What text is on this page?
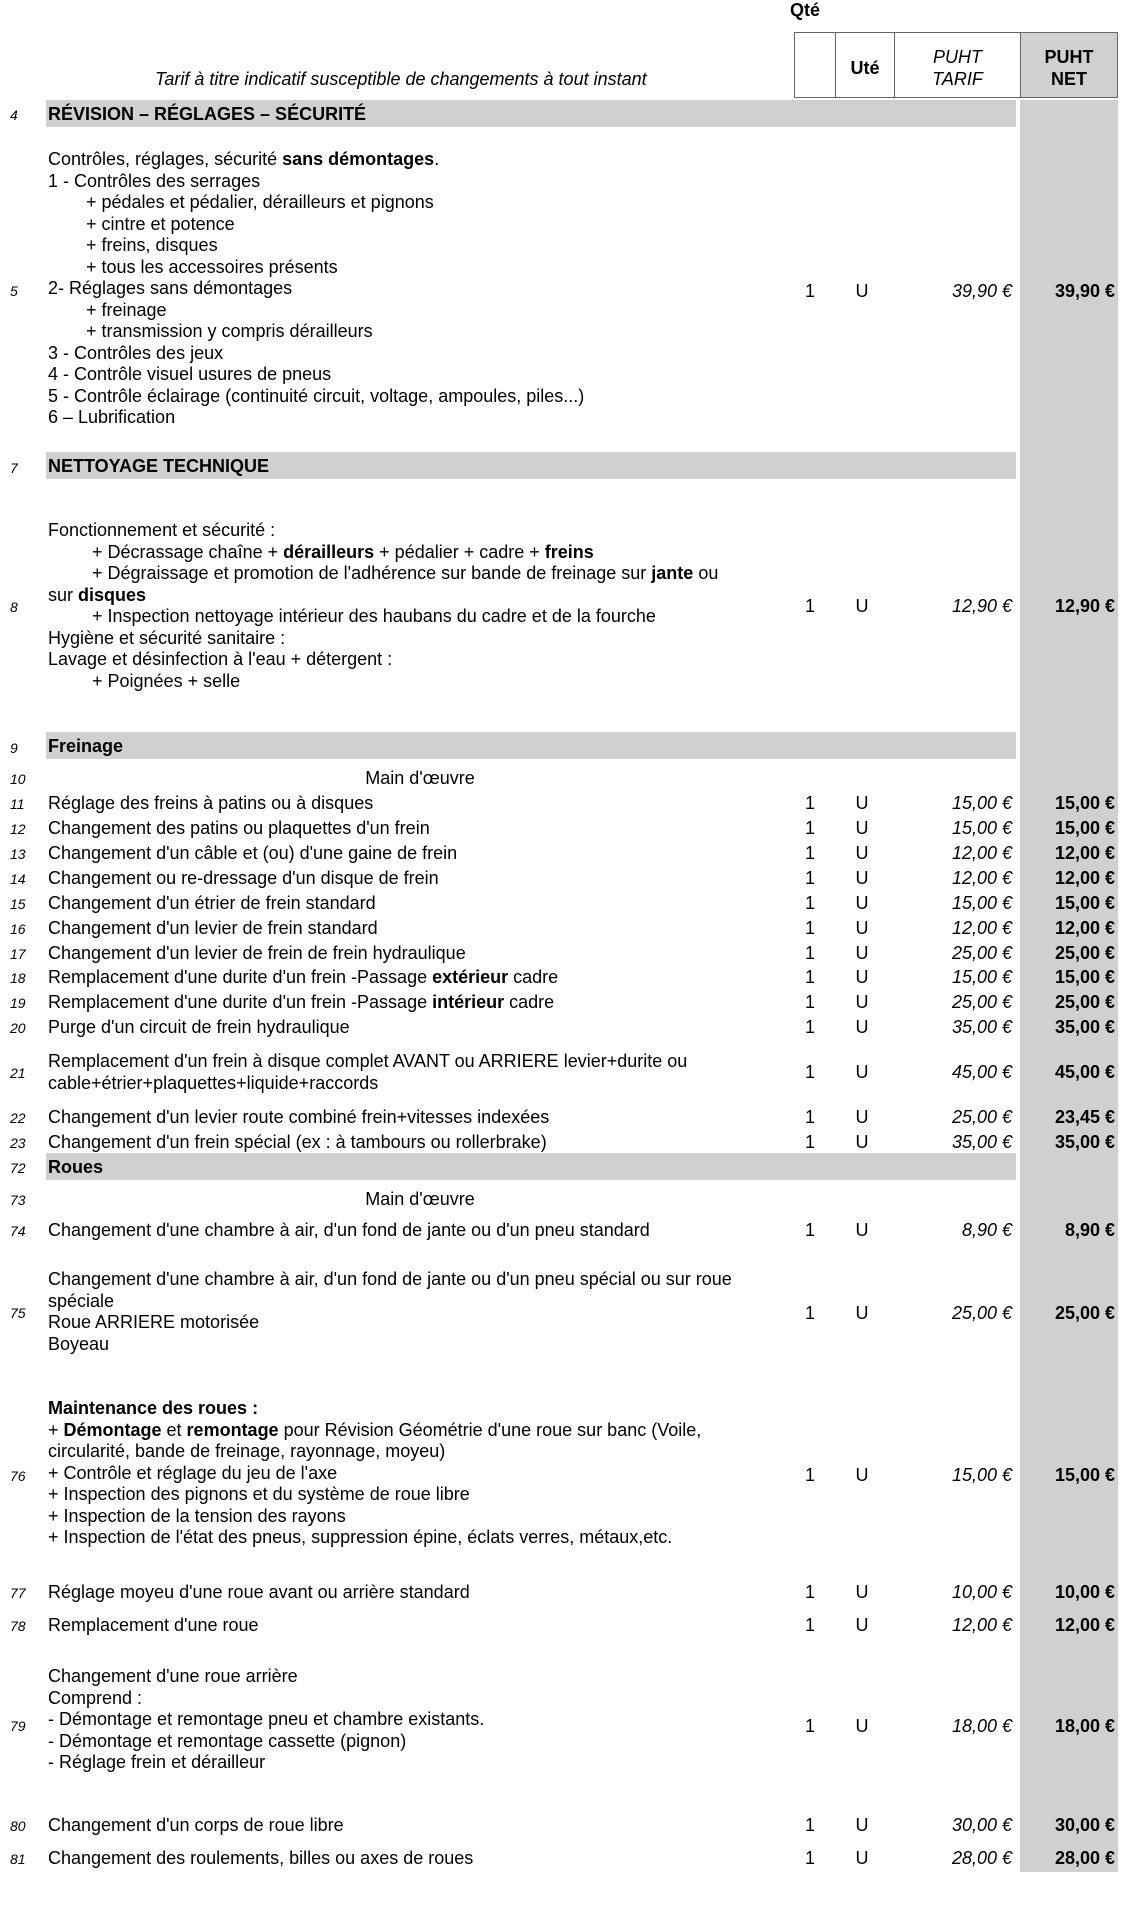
Qté
Uté
PUHT
TARIF
PUHT
NET
Tarif à titre indicatif susceptible de changements à tout instant
4	RÉVISION – RÉGLAGES – SÉCURITÉ
5
Contrôles, réglages, sécurité sans démontages.
1 - Contrôles des serrages
+ pédales et pédalier, dérailleurs et pignons
+ cintre et potence
+ freins, disques
+ tous les accessoires présents
2- Réglages sans démontages
+ freinage
+ transmission y compris dérailleurs
3 - Contrôles des jeux
4 - Contrôle visuel usures de pneus
5 - Contrôle éclairage (continuité circuit, voltage, ampoules, piles...)
6 – Lubrification
1 U	39,90 € 39,90 €
7	NETTOYAGE TECHNIQUE
8
Fonctionnement et sécurité :
+ Décrassage chaîne + dérailleurs + pédalier + cadre + freins
+ Dégraissage et promotion de l'adhérence sur bande de freinage sur jante ou
sur disques
+ Inspection nettoyage intérieur des haubans du cadre et de la fourche
Hygiène et sécurité sanitaire :
Lavage et désinfection à l'eau + détergent :
+ Poignées + selle
1 U	12,90 € 12,90 €
9	Freinage
10	Main d'œuvre
11	Réglage des freins à patins ou à disques	1 U	15,00 € 15,00 €
12	Changement des patins ou plaquettes d'un frein	1 U	15,00 € 15,00 €
13	Changement d'un câble et (ou) d'une gaine de frein	1 U	12,00 € 12,00 €
14	Changement ou re-dressage d'un disque de frein	1 U	12,00 € 12,00 €
15	Changement d'un étrier de frein standard	1 U	15,00 € 15,00 €
16	Changement d'un levier de frein standard	1 U	12,00 € 12,00 €
17	Changement d'un levier de frein de frein hydraulique	1 U	25,00 € 25,00 €
18	Remplacement d'une durite d'un frein -Passage extérieur cadre	1 U	15,00 € 15,00 €
19	Remplacement d'une durite d'un frein -Passage intérieur cadre	1 U	25,00 € 25,00 €
20	Purge d'un circuit de frein hydraulique	1 U	35,00 € 35,00 €
21
Remplacement d'un frein à disque complet AVANT ou ARRIERE levier+durite ou
cable+étrier+plaquettes+liquide+raccords
1 U	45,00 € 45,00 €
22	Changement d'un levier route combiné frein+vitesses indexées	1 U	25,00 € 23,45 €
23	Changement d'un frein spécial (ex : à tambours ou rollerbrake)	1 U	35,00 € 35,00 €
72	Roues
73	Main d'œuvre
74	Changement d'une chambre à air, d'un fond de jante ou d'un pneu standard	1 U	8,90 €	8,90 €
75
Changement d'une chambre à air, d'un fond de jante ou d'un pneu spécial ou sur roue
spéciale
Roue ARRIERE motorisée
Boyeau
1 U	25,00 € 25,00 €
76
Maintenance des roues :
+ Démontage et remontage pour Révision Géométrie d'une roue sur banc (Voile,
circularité, bande de freinage, rayonnage, moyeu)
+ Contrôle et réglage du jeu de l'axe
+ Inspection des pignons et du système de roue libre
+ Inspection de la tension des rayons
+ Inspection de l'état des pneus, suppression épine, éclats verres, métaux,etc.
1 U	15,00 € 15,00 €
77	Réglage moyeu d'une roue avant ou arrière standard	1 U	10,00 € 10,00 €
78	Remplacement d'une roue	1 U	12,00 € 12,00 €
79
Changement d'une roue arrière
Comprend :
- Démontage et remontage pneu et chambre existants.
- Démontage et remontage cassette (pignon)
- Réglage frein et dérailleur
1 U	18,00 € 18,00 €
80	Changement d'un corps de roue libre	1 U	30,00 € 30,00 €
81	Changement des roulements, billes ou axes de roues	1 U	28,00 € 28,00 €
